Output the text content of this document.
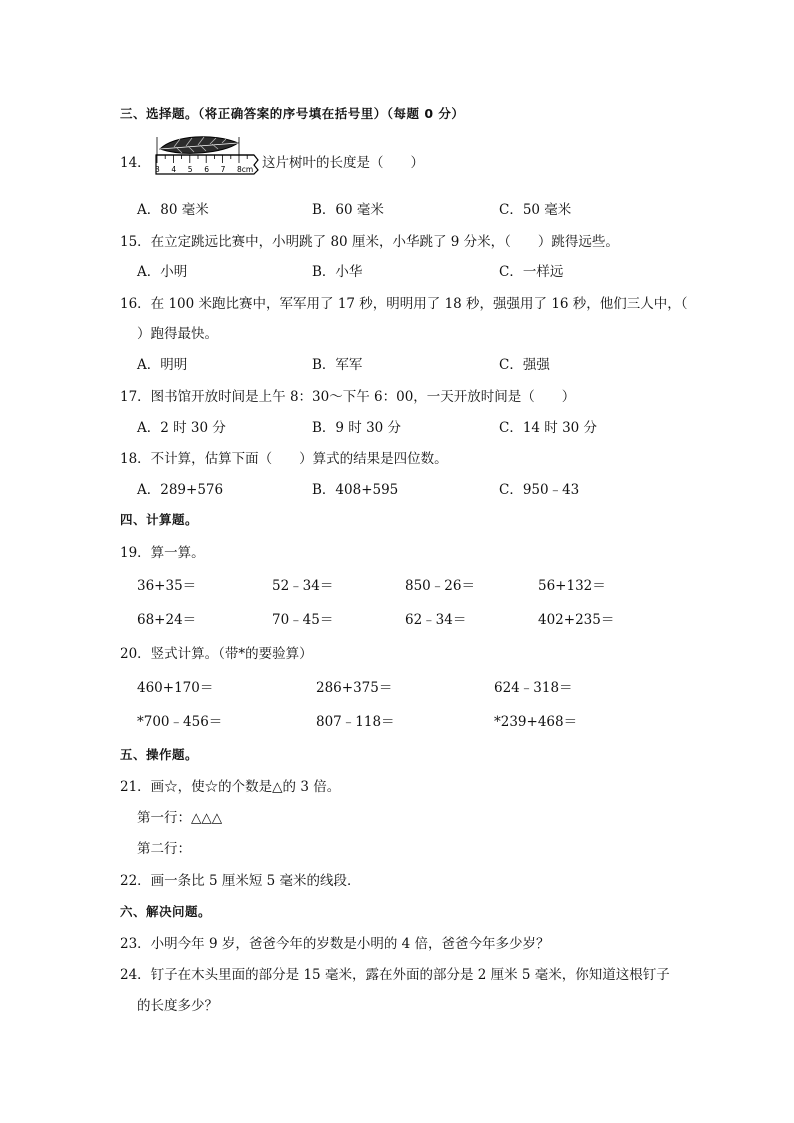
三、选择题。（将正确答案的序号填在括号里）（每题 0 分）
14． 3 4 5 6 7 8cm 这片树叶的长度是（　　）
A．80 毫米	B．60 毫米	C．50 毫米
15．在立定跳远比赛中，小明跳了 80 厘米，小华跳了 9 分米，（　　）跳得远些。
A．小明	B．小华	C．一样远
16．在 100 米跑比赛中，军军用了 17 秒，明明用了 18 秒，强强用了 16 秒，他们三人中，（
）跑得最快。
A．明明	B．军军	C．强强
17．图书馆开放时间是上午 8：30～下午 6：00，一天开放时间是（　　）
A．2 时 30 分	B．9 时 30 分	C．14 时 30 分
18．不计算，估算下面（　　）算式的结果是四位数。
A．289+576	B．408+595	C．950﹣43
四、计算题。
19．算一算。
36+35＝	52﹣34＝	850﹣26＝	56+132＝
68+24＝	70﹣45＝	62﹣34＝	402+235＝
20．竖式计算。（带*的要验算）
460+170＝	286+375＝	624﹣318＝
*700﹣456＝	807﹣118＝	*239+468＝
五、操作题。
21．画☆，使☆的个数是△的 3 倍。
第一行：△△△
第二行：
22．画一条比 5 厘米短 5 毫米的线段．
六、解决问题。
23．小明今年 9 岁，爸爸今年的岁数是小明的 4 倍，爸爸今年多少岁？
24．钉子在木头里面的部分是 15 毫米，露在外面的部分是 2 厘米 5 毫米，你知道这根钉子
的长度多少？
